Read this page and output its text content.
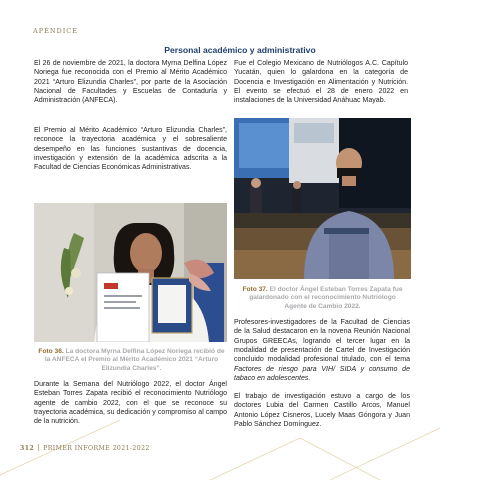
APÉNDICE
Personal académico y administrativo

El 26 de noviembre de 2021, la doctora Myrna Delfina López Noriega fue reconocida con el Premio al Mérito Académico 2021 “Arturo Elizundia Charles”, por parte de la Asociación Nacional de Facultades y Escuelas de Contaduría y Administración (ANFECA).

El Premio al Mérito Académico “Arturo Elizundia Charles”, reconoce la trayectoria académica y el sobresaliente desempeño en las funciones sustantivas de docencia, investigación y extensión de la académica adscrita a la Facultad de Ciencias Económicas Administrativas.

Foto 36. La doctora Myrna Delfina López Noriega recibió de la ANFECA el Premio al Mérito Académico 2021 “Arturo Elizundia Charles”.

Durante la Semana del Nutriólogo 2022, el doctor Ángel Esteban Torres Zapata recibió el reconocimiento Nutriólogo agente de cambio 2022, con el que se reconoce su trayectoria académica, su dedicación y compromiso al campo de la nutrición.

Fue el Colegio Mexicano de Nutriólogos A.C. Capítulo Yucatán, quien lo galardona en la categoría de Docencia e Investigación en Alimentación y Nutrición. El evento se efectuó el 28 de enero 2022 en instalaciones de la Universidad Anáhuac Mayab.

Foto 37. El doctor Ángel Esteban Torres Zapata fue galardonado con el reconocimiento Nutriólogo Agente de Cambio 2022.

Profesores-investigadores de la Facultad de Ciencias de la Salud destacaron en la novena Reunión Nacional Grupos GREECAs, logrando el tercer lugar en la modalidad de presentación de Cartel de Investigación concluido modalidad profesional titulado, con el tema Factores de riesgo para VIH/ SIDA y consumo de tabaco en adolescentes.

El trabajo de investigación estuvo a cargo de los doctores Lubia del Carmen Castillo Arcos, Manuel Antonio López Cisneros, Lucely Maas Góngora y Juan Pablo Sánchez Domínguez.

312 PRIMER INFORME 2021-2022
